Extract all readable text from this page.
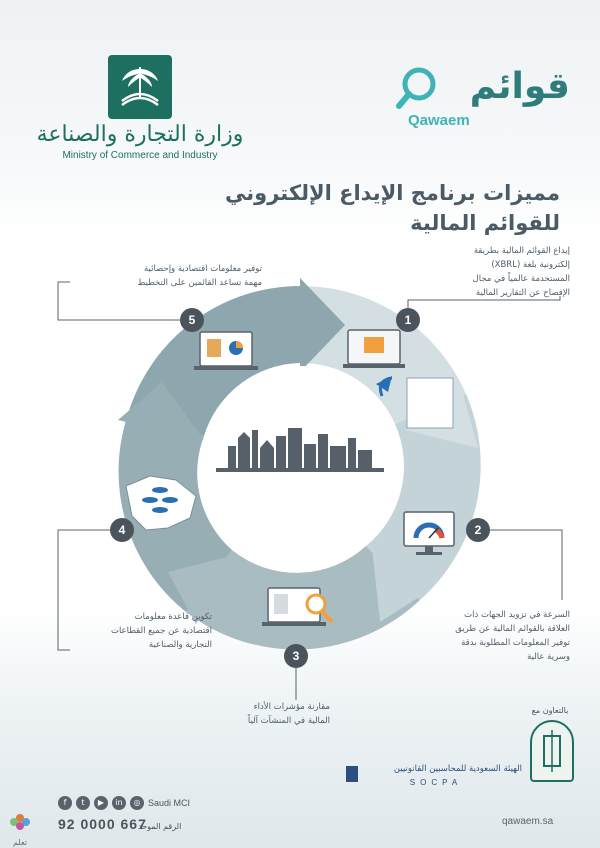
وزارة التجارة والصناعة
Ministry of Commerce and Industry
قوائم
Qawaem
مميزات برنامج الإيداع الإلكتروني
للقوائم المالية
1
2
3
4
5
إيداع القوائم المالية بطريقة
إلكترونية بلغة (XBRL)
المستخدمة عالمياً في مجال
الإفصاح عن التقارير المالية
السرعة في تزويد الجهات ذات
العلاقة بالقوائم المالية عن طريق
توفير المعلومات المطلوبة بدقة
وسرية عالية
مقارنة مؤشرات الأداء
المالية في المنشآت آلياً
تكوين قاعدة معلومات
اقتصادية عن جميع القطاعات
التجارية والصناعية
توفير معلومات اقتصادية وإحصائية
مهمة تساعد القائمين على التخطيط
بالتعاون مع
الهيئة السعودية للمحاسبين القانونيين
SOCPA
f	t	▶	in	◎ Saudi MCI
الرقم الموحد
92 0000 667	qawaem.sa
تعلم
